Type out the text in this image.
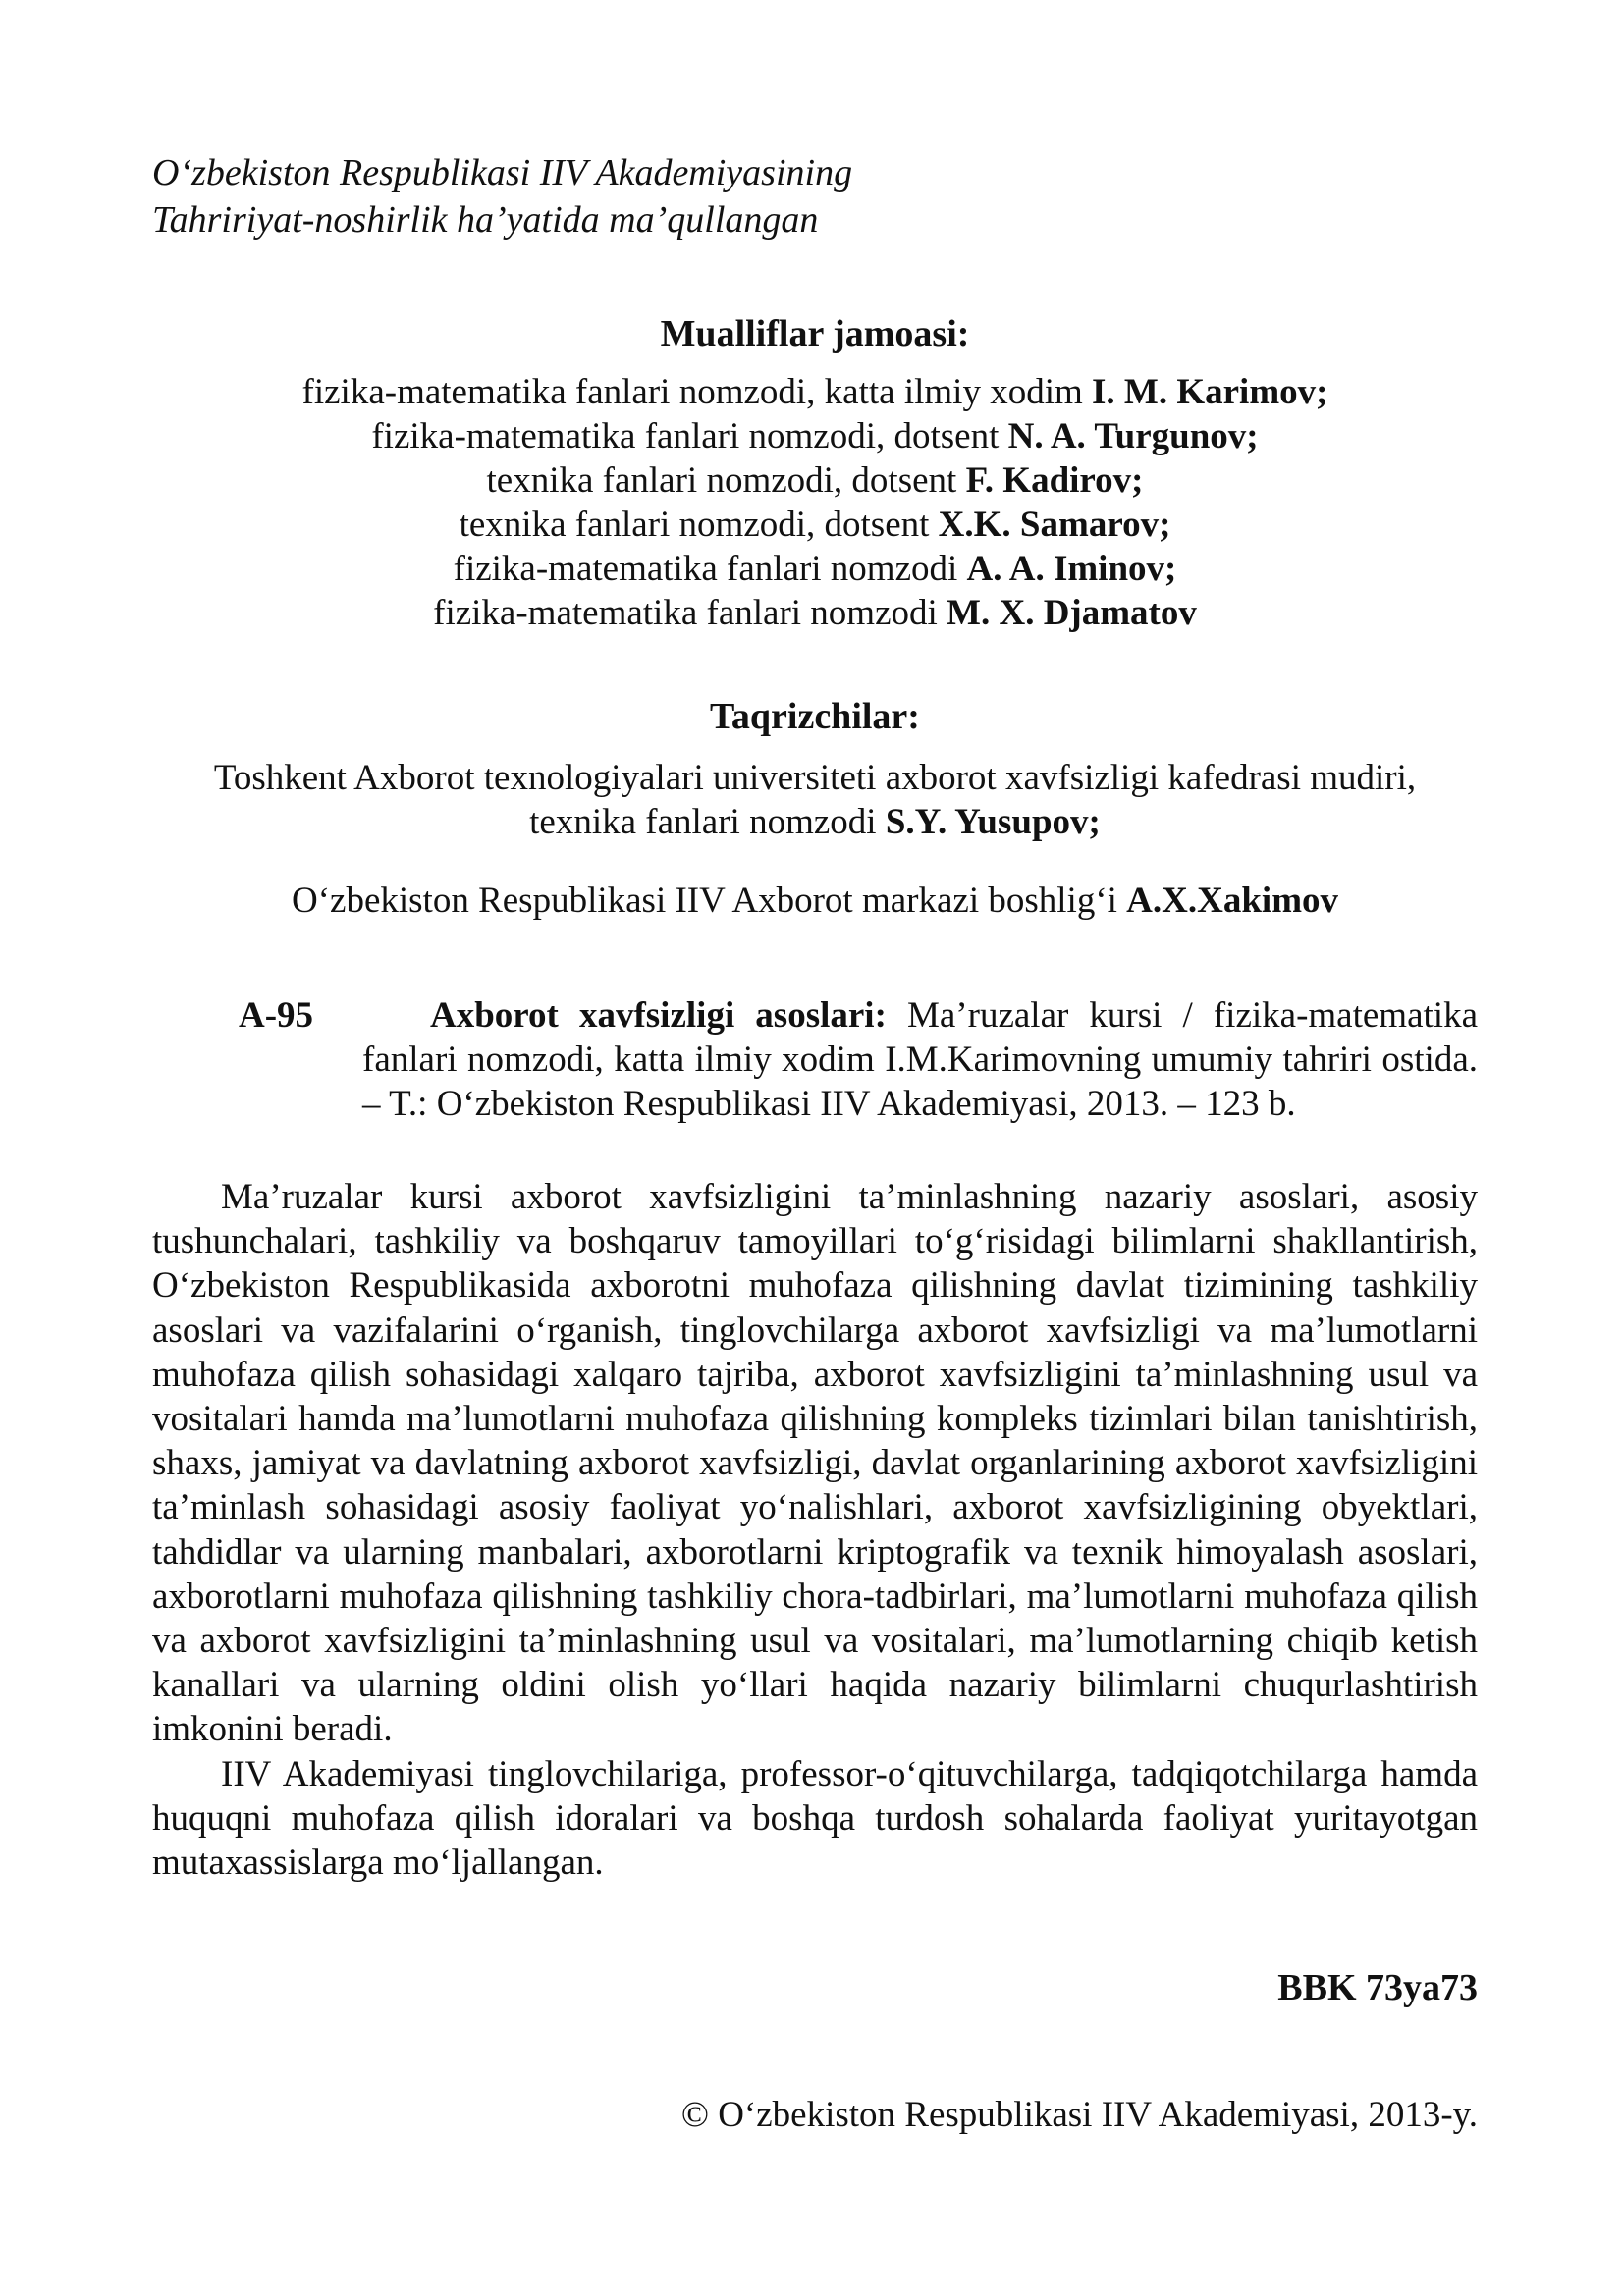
O‘zbekiston Respublikasi IIV Akademiyasining
Tahririyat-noshirlik ha’yatida ma’qullangan
Mualliflar jamoasi:
fizika-matematika fanlari nomzodi, katta ilmiy xodim I. M. Karimov;
fizika-matematika fanlari nomzodi, dotsent N. A. Turgunov;
texnika fanlari nomzodi, dotsent F. Kadirov;
texnika fanlari nomzodi, dotsent X.K. Samarov;
fizika-matematika fanlari nomzodi A. A. Iminov;
fizika-matematika fanlari nomzodi M. X. Djamatov
Taqrizchilar:
Toshkent Axborot texnologiyalari universiteti axborot xavfsizligi kafedrasi mudiri,
texnika fanlari nomzodi S.Y. Yusupov;
O‘zbekiston Respublikasi IIV Axborot markazi boshlig‘i A.X.Xakimov
A-95	Axborot xavfsizligi asoslari: Ma’ruzalar kursi / fizika-matematika fanlari nomzodi, katta ilmiy xodim I.M.Karimovning umumiy tahriri ostida. – T.: O‘zbekiston Respublikasi IIV Akademiyasi, 2013. – 123 b.

Ma’ruzalar kursi axborot xavfsizligini ta’minlashning nazariy asoslari, asosiy tushunchalari, tashkiliy va boshqaruv tamoyillari to‘g‘risidagi bilimlarni shakllantirish, O‘zbekiston Respublikasida axborotni muhofaza qilishning davlat tizimining tashkiliy asoslari va vazifalarini o‘rganish, tinglovchilarga axborot xavfsizligi va ma’lumotlarni muhofaza qilish sohasidagi xalqaro tajriba, axborot xavfsizligini ta’minlashning usul va vositalari hamda ma’lumotlarni muhofaza qilishning kompleks tizimlari bilan tanishtirish, shaxs, jamiyat va davlatning axborot xavfsizligi, davlat organlarining axborot xavfsizligini ta’minlash sohasidagi asosiy faoliyat yo‘nalishlari, axborot xavfsizligining obyektlari, tahdidlar va ularning manbalari, axborotlarni kriptografik va texnik himoyalash asoslari, axborotlarni muhofaza qilishning tashkiliy chora-tadbirlari, ma’lumotlarni muhofaza qilish va axborot xavfsizligini ta’minlashning usul va vositalari, ma’lumotlarning chiqib ketish kanallari va ularning oldini olish yo‘llari haqida nazariy bilimlarni chuqurlashtirish imkonini beradi.

IIV Akademiyasi tinglovchilariga, professor-o‘qituvchilarga, tadqiqotchilarga hamda huquqni muhofaza qilish idoralari va boshqa turdosh sohalarda faoliyat yuritayotgan mutaxassislarga mo‘ljallangan.

BBK 73ya73
© O‘zbekiston Respublikasi IIV Akademiyasi, 2013-y.
